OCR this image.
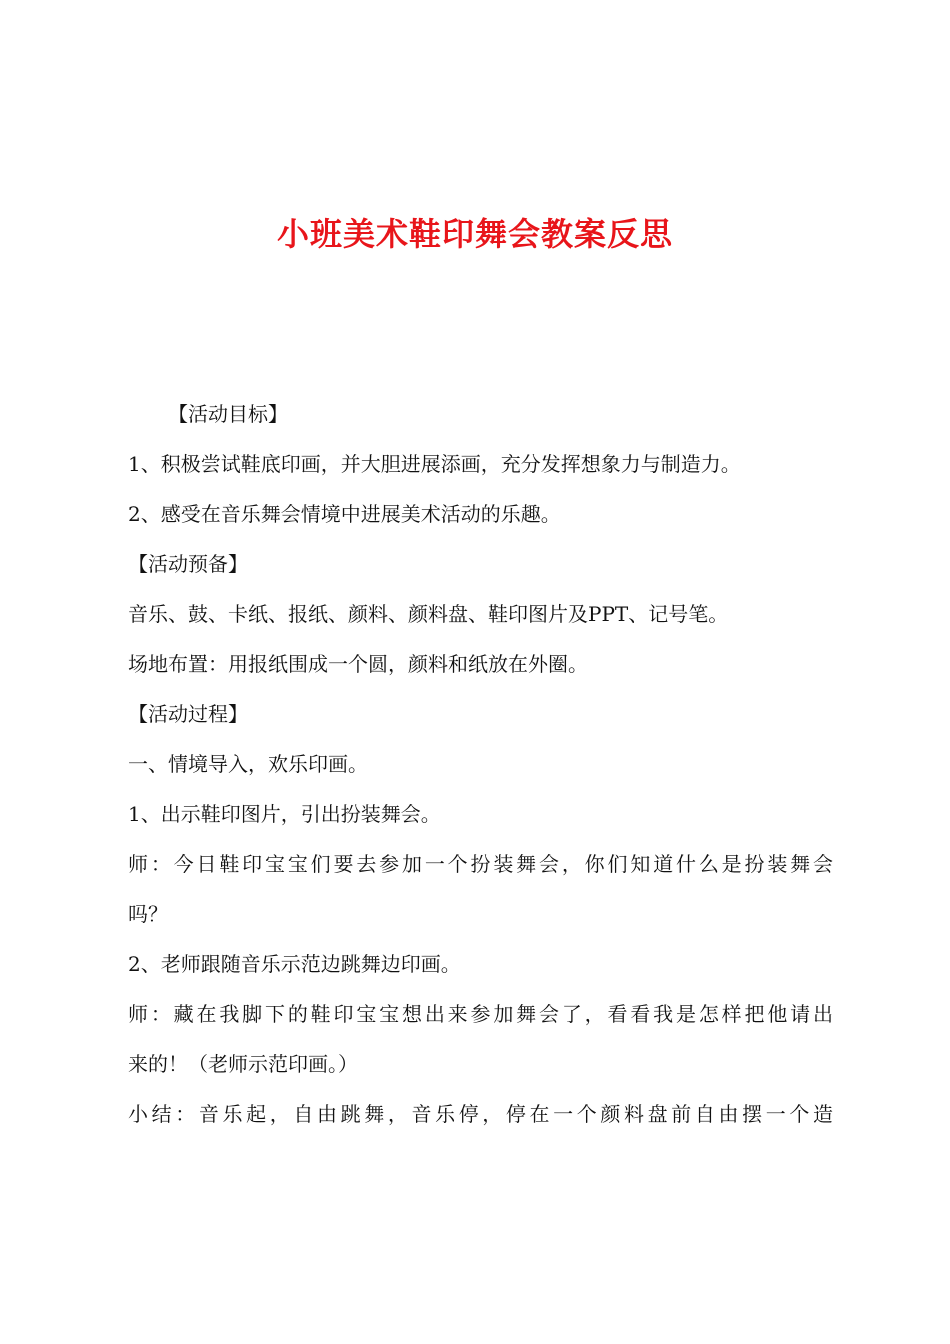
小班美术鞋印舞会教案反思

【活动目标】

1、积极尝试鞋底印画，并大胆进展添画，充分发挥想象力与制造力。

2、感受在音乐舞会情境中进展美术活动的乐趣。

【活动预备】

音乐、鼓、卡纸、报纸、颜料、颜料盘、鞋印图片及PPT、记号笔。

场地布置：用报纸围成一个圆，颜料和纸放在外圈。

【活动过程】

一、情境导入，欢乐印画。

1、出示鞋印图片，引出扮装舞会。

师：今日鞋印宝宝们要去参加一个扮装舞会，你们知道什么是扮装舞会

吗？

2、老师跟随音乐示范边跳舞边印画。

师：藏在我脚下的鞋印宝宝想出来参加舞会了，看看我是怎样把他请出

来的！（老师示范印画。）

小结：音乐起，自由跳舞，音乐停，停在一个颜料盘前自由摆一个造
